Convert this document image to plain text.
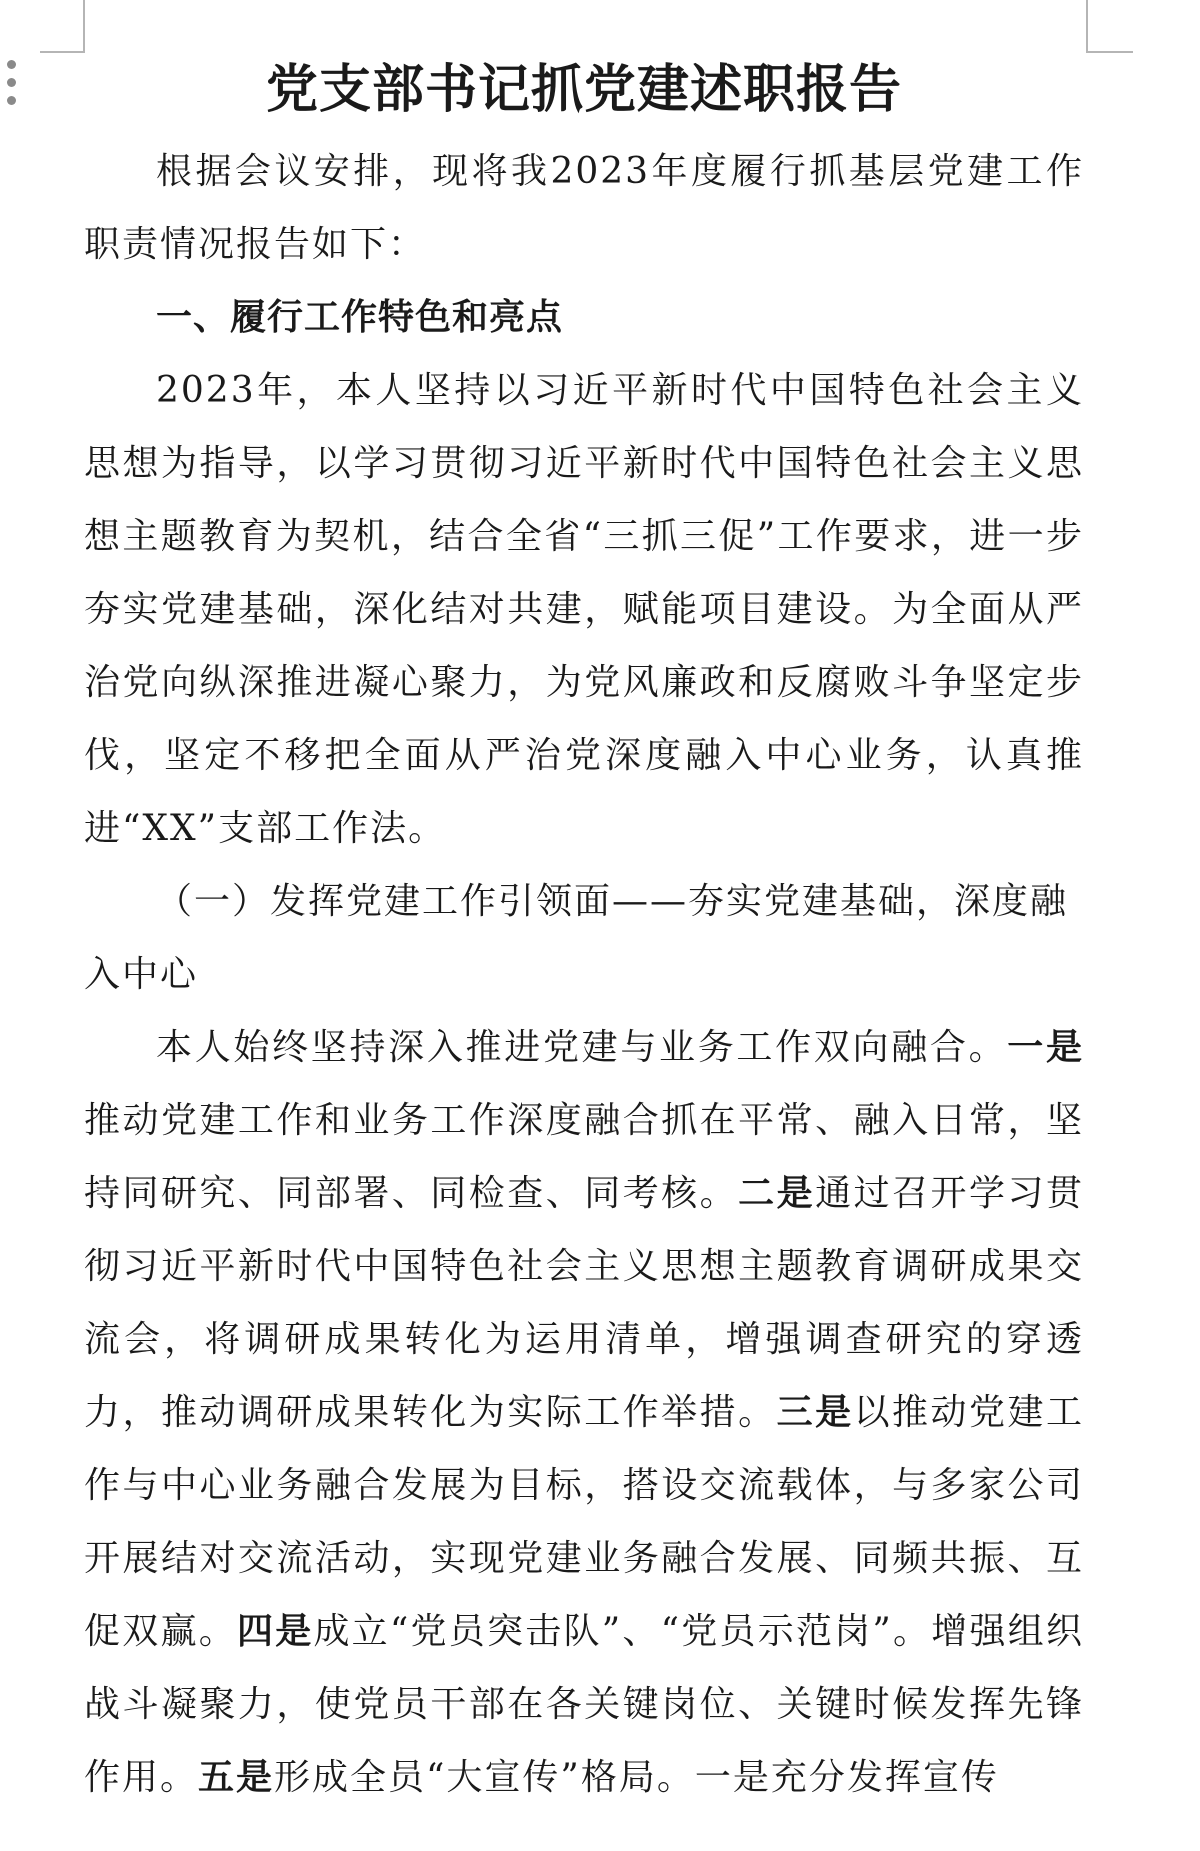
党支部书记抓党建述职报告

根据会议安排，现将我2023年度履行抓基层党建工作职责情况报告如下：

一、履行工作特色和亮点

2023年，本人坚持以习近平新时代中国特色社会主义思想为指导，以学习贯彻习近平新时代中国特色社会主义思想主题教育为契机，结合全省“三抓三促”工作要求，进一步夯实党建基础，深化结对共建，赋能项目建设。为全面从严治党向纵深推进凝心聚力，为党风廉政和反腐败斗争坚定步伐，坚定不移把全面从严治党深度融入中心业务，认真推进“XX”支部工作法。

（一）发挥党建工作引领面——夯实党建基础，深度融入中心

本人始终坚持深入推进党建与业务工作双向融合。一是推动党建工作和业务工作深度融合抓在平常、融入日常，坚持同研究、同部署、同检查、同考核。二是通过召开学习贯彻习近平新时代中国特色社会主义思想主题教育调研成果交流会，将调研成果转化为运用清单，增强调查研究的穿透力，推动调研成果转化为实际工作举措。三是以推动党建工作与中心业务融合发展为目标，搭设交流载体，与多家公司开展结对交流活动，实现党建业务融合发展、同频共振、互促双赢。四是成立“党员突击队”、“党员示范岗”。增强组织战斗凝聚力，使党员干部在各关键岗位、关键时候发挥先锋作用。五是形成全员“大宣传”格局。一是充分发挥宣传
